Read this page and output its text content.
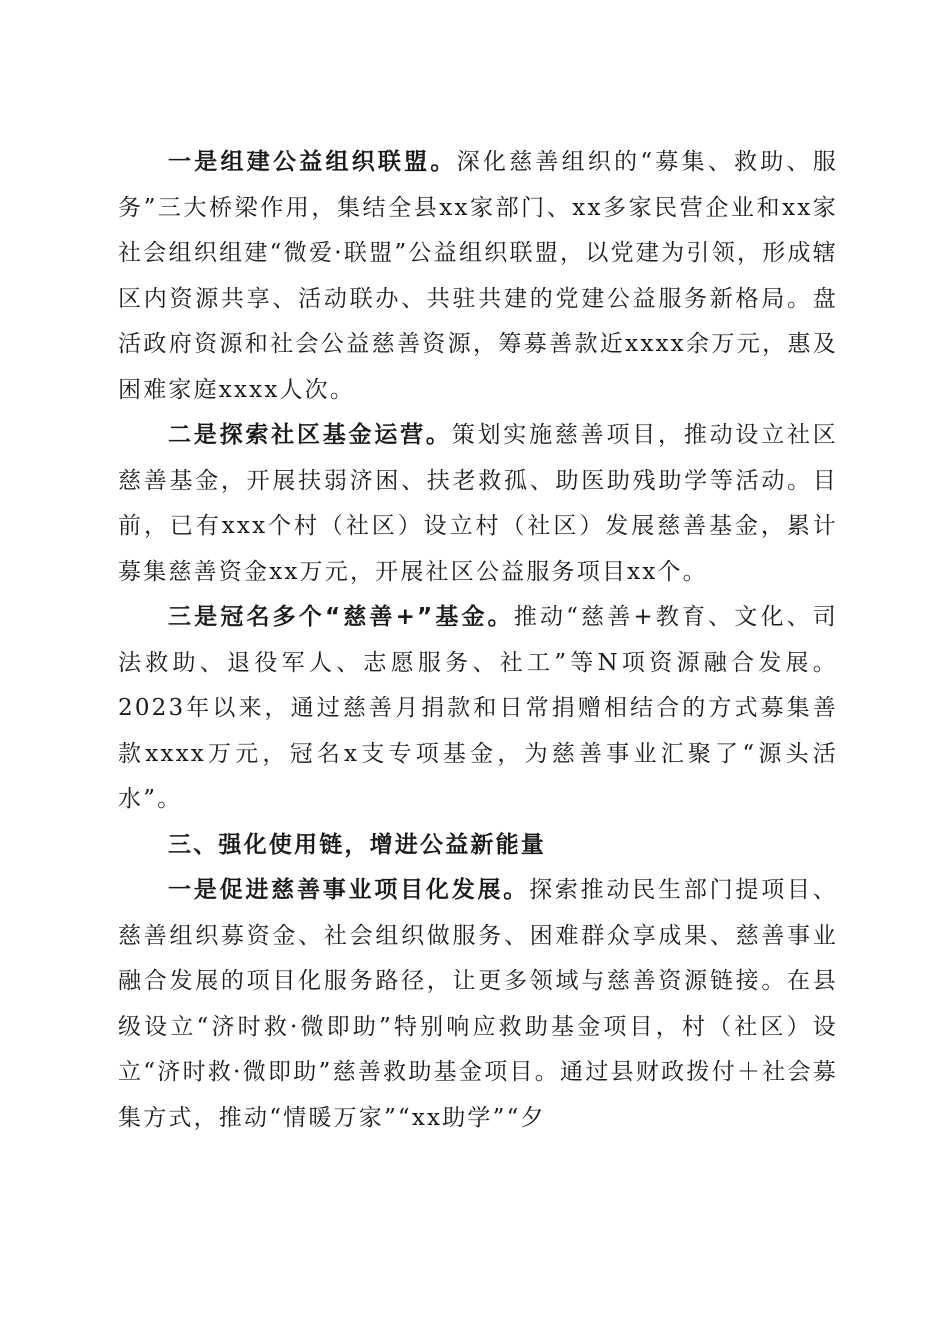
一是组建公益组织联盟。深化慈善组织的“募集、救助、服务”三大桥梁作用，集结全县xx家部门、xx多家民营企业和xx家社会组织组建“微爱·联盟”公益组织联盟，以党建为引领，形成辖区内资源共享、活动联办、共驻共建的党建公益服务新格局。盘活政府资源和社会公益慈善资源，筹募善款近xxxx余万元，惠及困难家庭xxxx人次。

二是探索社区基金运营。策划实施慈善项目，推动设立社区慈善基金，开展扶弱济困、扶老救孤、助医助残助学等活动。目前，已有xxx个村（社区）设立村（社区）发展慈善基金，累计募集慈善资金xx万元，开展社区公益服务项目xx个。

三是冠名多个“慈善+”基金。推动“慈善+教育、文化、司法救助、退役军人、志愿服务、社工”等N项资源融合发展。2023年以来，通过慈善月捐款和日常捐赠相结合的方式募集善款xxxx万元，冠名x支专项基金，为慈善事业汇聚了“源头活水”。

三、强化使用链，增进公益新能量

一是促进慈善事业项目化发展。探索推动民生部门提项目、慈善组织募资金、社会组织做服务、困难群众享成果、慈善事业融合发展的项目化服务路径，让更多领域与慈善资源链接。在县级设立“济时救·微即助”特别响应救助基金项目，村（社区）设立“济时救·微即助”慈善救助基金项目。通过县财政拨付＋社会募集方式，推动“情暖万家”“xx助学”“夕
